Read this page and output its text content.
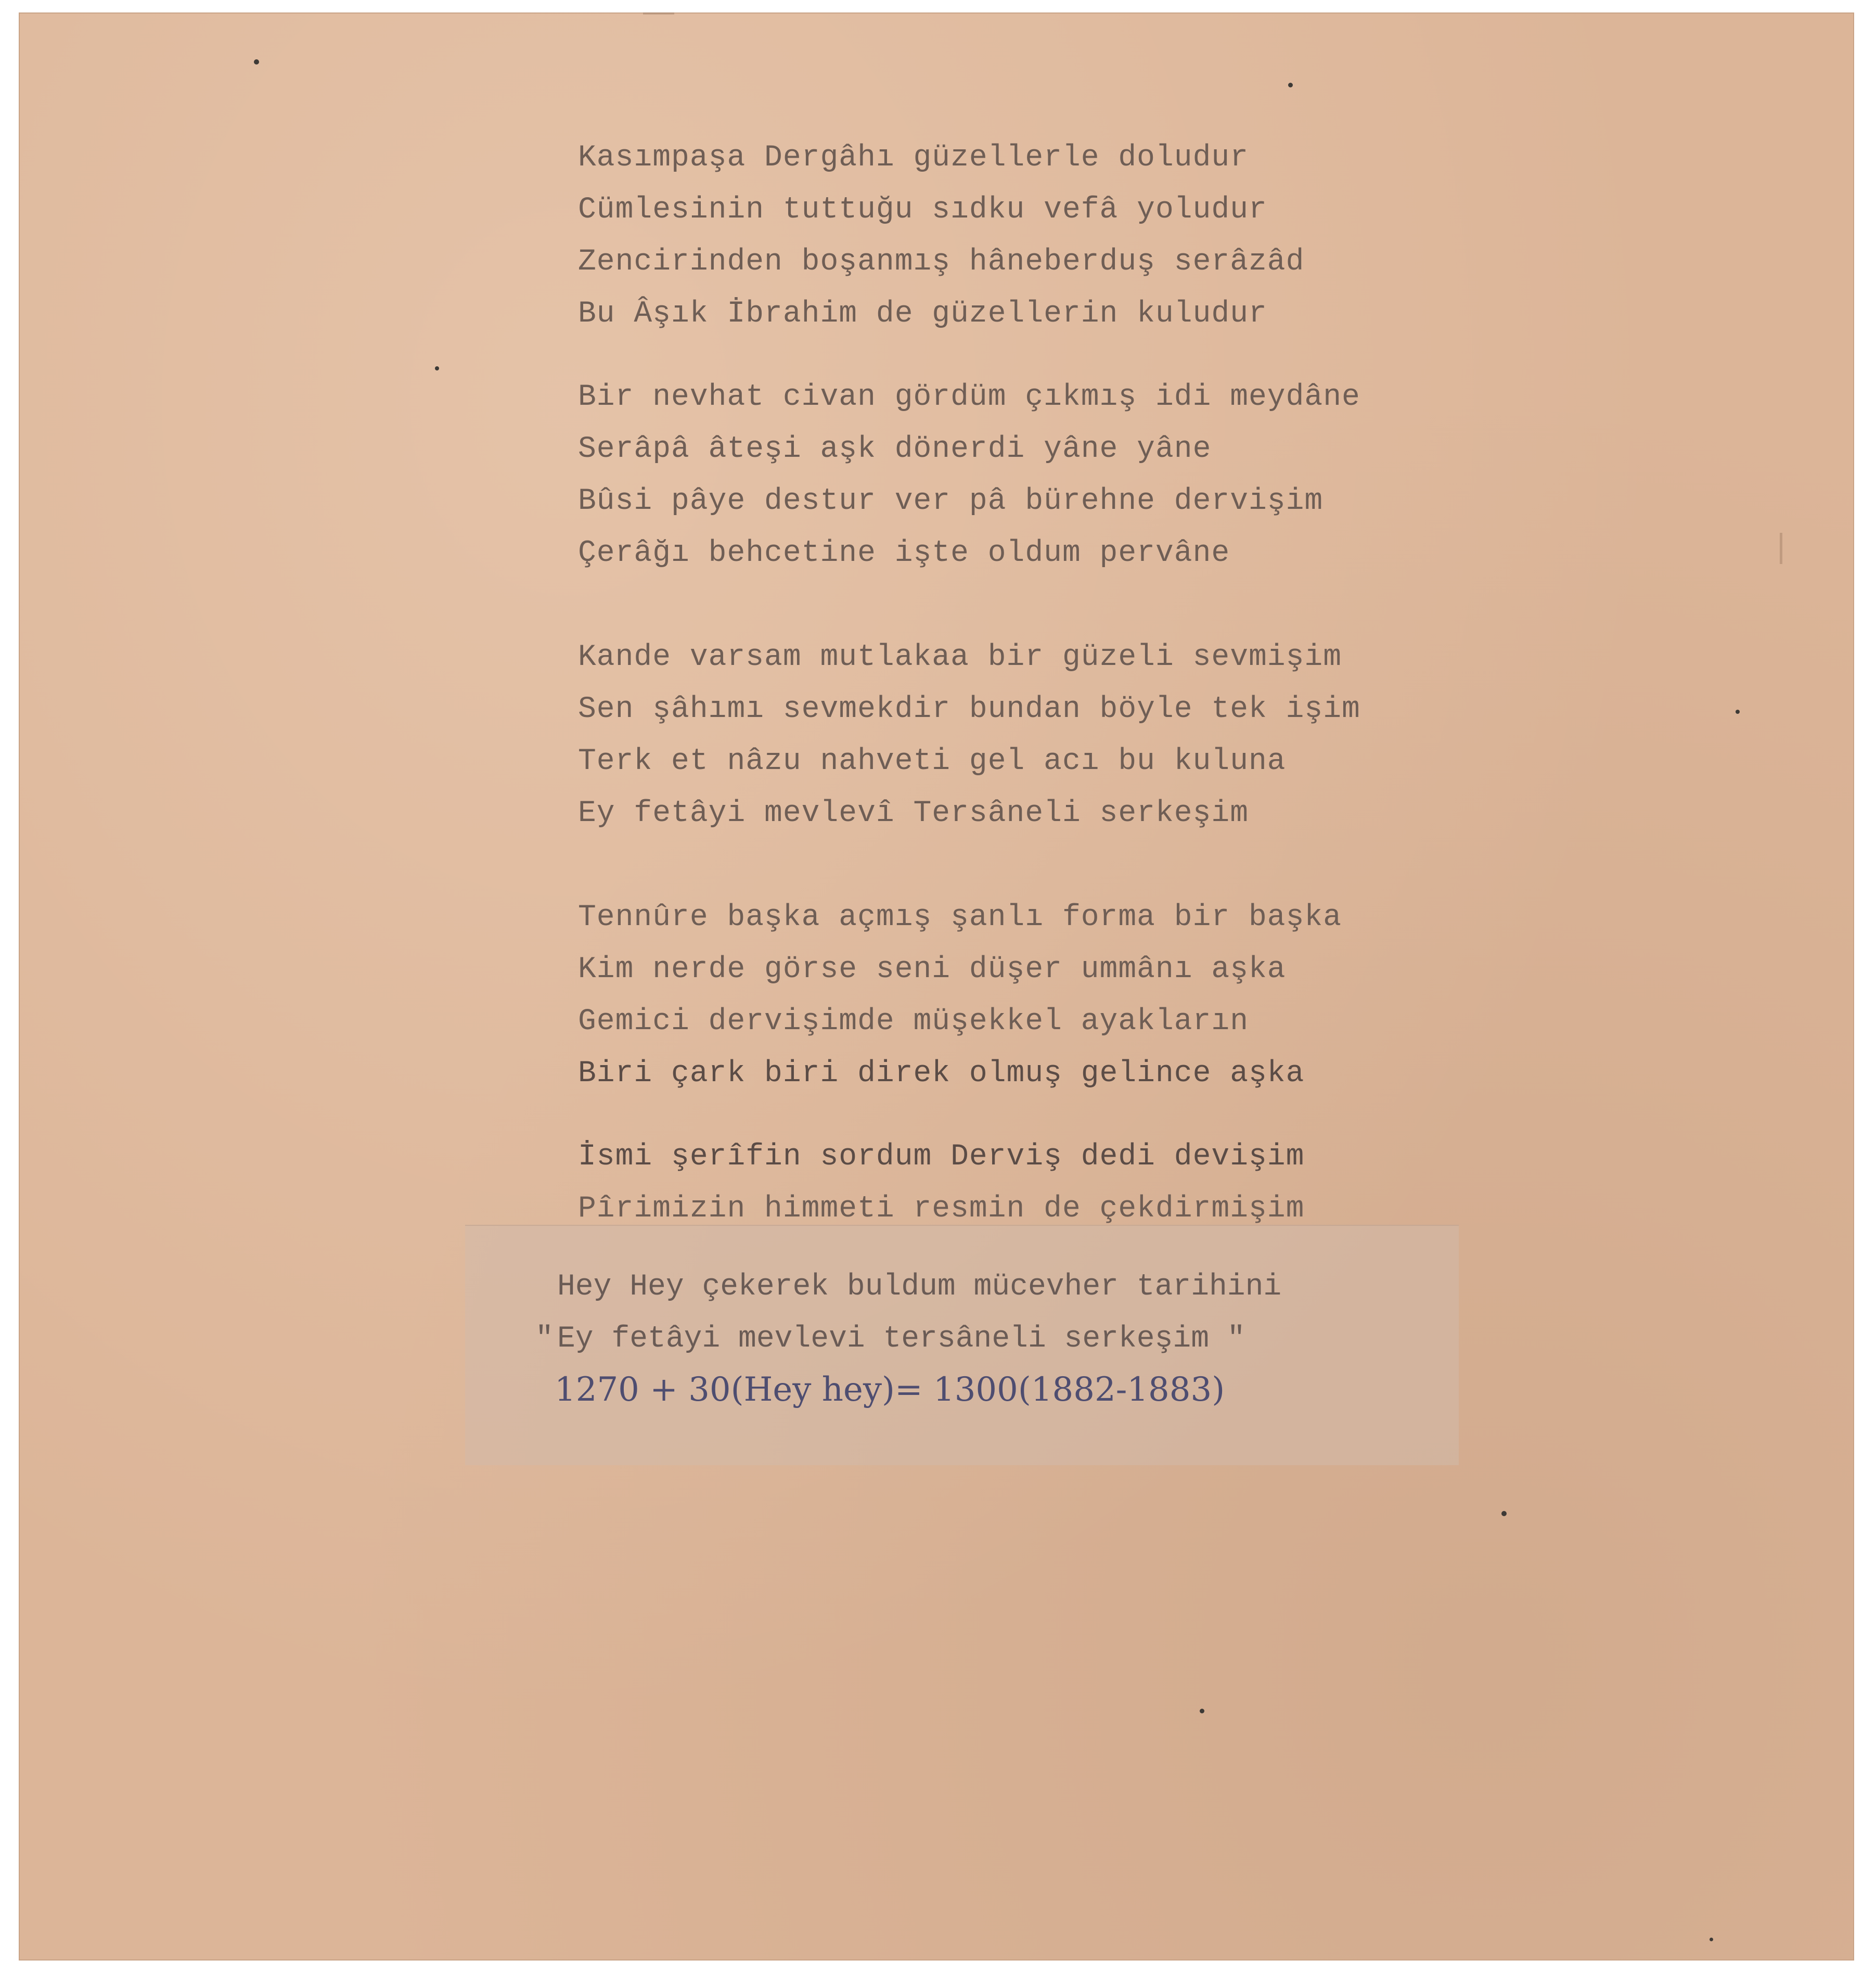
Kasımpaşa Dergâhı güzellerle doludur
Cümlesinin tuttuğu sıdku vefâ yoludur
Zencirinden boşanmış hâneberduş serâzâd
Bu Âşık İbrahim de güzellerin kuludur
Bir nevhat civan gördüm çıkmış idi meydâne
Serâpâ âteşi aşk dönerdi yâne yâne
Bûsi pâye destur ver pâ bürehne dervişim
Çerâğı behcetine işte oldum pervâne
Kande varsam mutlakaa bir güzeli sevmişim
Sen şâhımı sevmekdir bundan böyle tek işim
Terk et nâzu nahveti gel acı bu kuluna
Ey fetâyi mevlevî Tersâneli serkeşim
Tennûre başka açmış şanlı forma bir başka
Kim nerde görse seni düşer ummânı aşka
Gemici dervişimde müşekkel ayakların
Biri çark biri direk olmuş gelince aşka
İsmi şerîfin sordum Derviş dedi devişim
Pîrimizin himmeti resmin de çekdirmişim
Hey Hey çekerek buldum mücevher tarihini
" Ey fetâyi mevlevi tersâneli serkeşim "
1270 + 30(Hey hey)= 1300(1882-1883)
